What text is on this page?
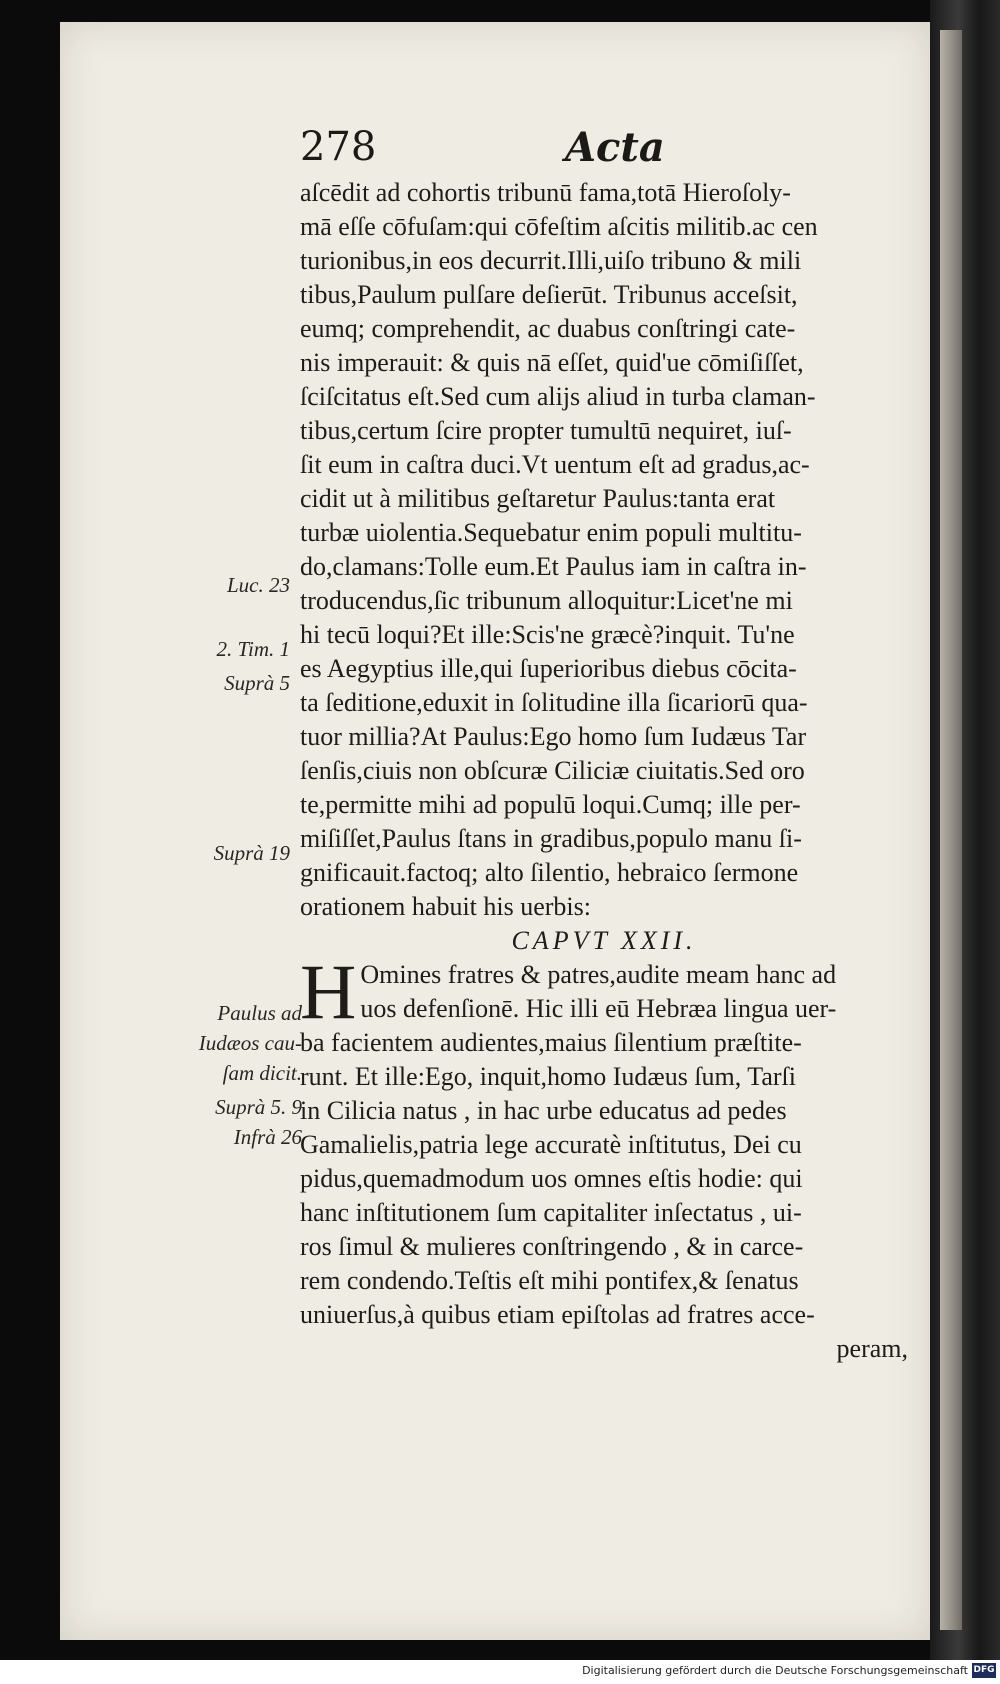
278	Acta
aſcēdit ad cohortis tribunū fama,totā Hieroſoly-
mā eſſe cōfuſam:qui cōfeſtim aſcitis militib.ac cen
turionibus,in eos decurrit.Illi,uiſo tribuno & mili
tibus,Paulum pulſare deſierūt. Tribunus acceſsit,
eumq; comprehendit, ac duabus conſtringi cate-
nis imperauit: & quis nā eſſet, quid'ue cōmiſiſſet,
ſciſcitatus eſt.Sed cum alijs aliud in turba claman-
tibus,certum ſcire propter tumultū nequiret, iuſ-
ſit eum in caſtra duci.Vt uentum eſt ad gradus,ac-
cidit ut à militibus geſtaretur Paulus:tanta erat
turbæ uiolentia.Sequebatur enim populi multitu-
do,clamans:Tolle eum.Et Paulus iam in caſtra in-
troducendus,ſic tribunum alloquitur:Licet'ne mi
hi tecū loqui?Et ille:Scis'ne græcè?inquit. Tu'ne
es Aegyptius ille,qui ſuperioribus diebus cōcita-
ta ſeditione,eduxit in ſolitudine illa ſicariorū qua-
tuor millia?At Paulus:Ego homo ſum Iudæus Tar
ſenſis,ciuis non obſcuræ Ciliciæ ciuitatis.Sed oro
te,permitte mihi ad populū loqui.Cumq; ille per-
miſiſſet,Paulus ſtans in gradibus,populo manu ſi-
gnificauit.factoq; alto ſilentio, hebraico ſermone
orationem habuit his uerbis:
CAPVT XXII.
H Omines fratres & patres,audite meam hanc ad
uos defenſionē. Hic illi eū Hebræa lingua uer-
ba facientem audientes,maius ſilentium præſtite-
runt. Et ille:Ego, inquit,homo Iudæus ſum, Tarſi
in Cilicia natus , in hac urbe educatus ad pedes
Gamalielis,patria lege accuratè inſtitutus, Dei cu
pidus,quemadmodum uos omnes eſtis hodie: qui
hanc inſtitutionem ſum capitaliter inſectatus , ui-
ros ſimul & mulieres conſtringendo , & in carce-
rem condendo.Teſtis eſt mihi pontifex,& ſenatus
uniuerſus,à quibus etiam epiſtolas ad fratres acce-
peram,
Luc. 23
2. Tim. 1
Suprà 5
Suprà 19
Paulus ad
Iudæos cau-
ſam dicit.
Suprà 5. 9
Infrà 26
Digitalisierung gefördert durch die Deutsche Forschungsgemeinschaft DFG
